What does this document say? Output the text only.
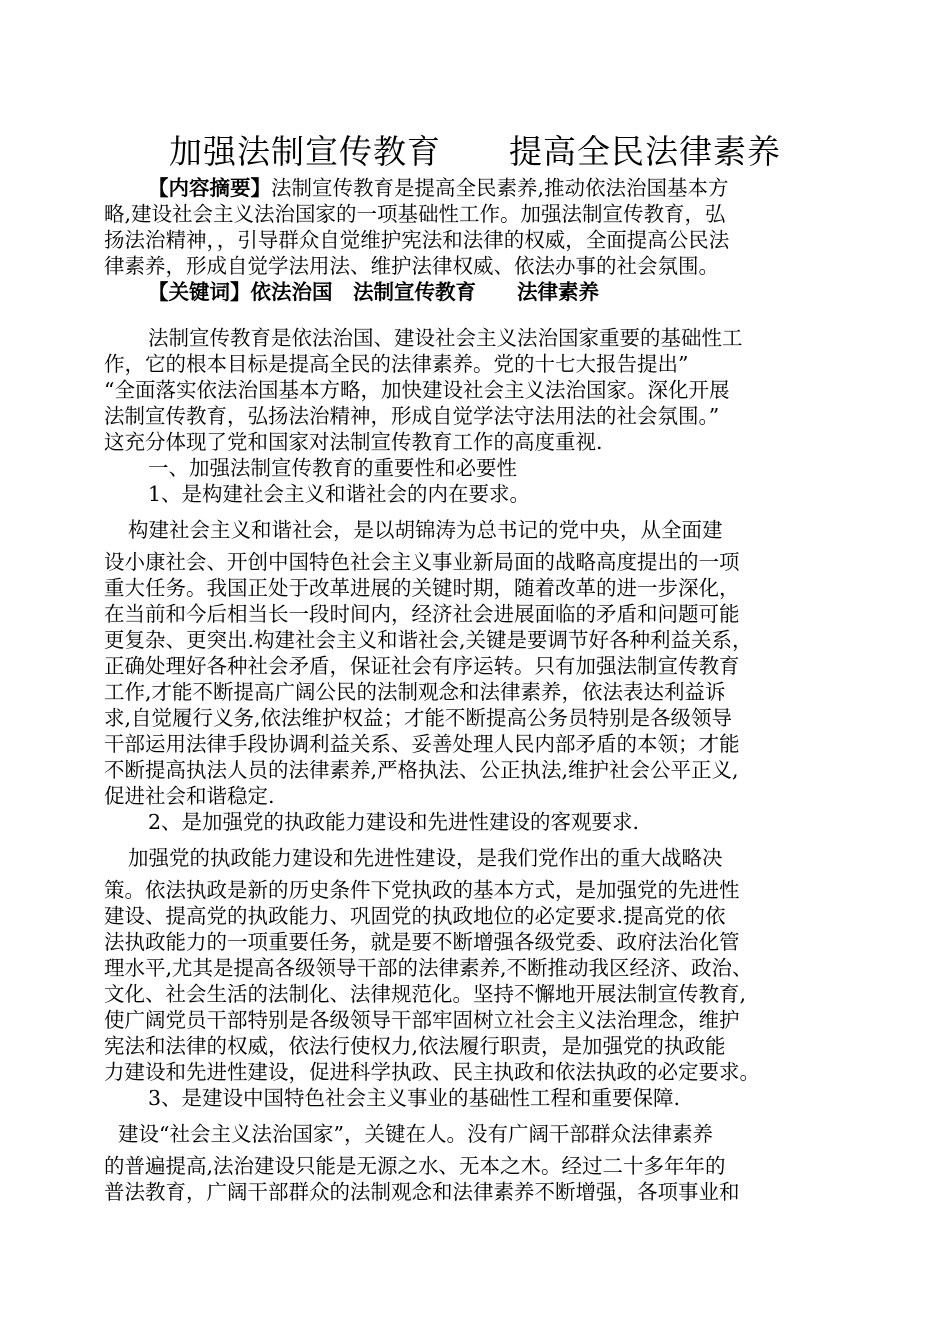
加强法制宣传教育　　提高全民法律素养
【内容摘要】法制宣传教育是提高全民素养,推动依法治国基本方
略,建设社会主义法治国家的一项基础性工作。加强法制宣传教育，弘
扬法治精神，，引导群众自觉维护宪法和法律的权威，全面提高公民法
律素养，形成自觉学法用法、维护法律权威、依法办事的社会氛围。
【关键词】依法治国　法制宣传教育　　法律素养
法制宣传教育是依法治国、建设社会主义法治国家重要的基础性工
作，它的根本目标是提高全民的法律素养。党的十七大报告提出”
“全面落实依法治国基本方略，加快建设社会主义法治国家。深化开展
法制宣传教育，弘扬法治精神，形成自觉学法守法用法的社会氛围。”
这充分体现了党和国家对法制宣传教育工作的高度重视.
一、加强法制宣传教育的重要性和必要性
1、是构建社会主义和谐社会的内在要求。
构建社会主义和谐社会，是以胡锦涛为总书记的党中央，从全面建
设小康社会、开创中国特色社会主义事业新局面的战略高度提出的一项
重大任务。我国正处于改革进展的关键时期，随着改革的进一步深化，
在当前和今后相当长一段时间内，经济社会进展面临的矛盾和问题可能
更复杂、更突出.构建社会主义和谐社会,关键是要调节好各种利益关系，
正确处理好各种社会矛盾，保证社会有序运转。只有加强法制宣传教育
工作,才能不断提高广阔公民的法制观念和法律素养，依法表达利益诉
求,自觉履行义务,依法维护权益；才能不断提高公务员特别是各级领导
干部运用法律手段协调利益关系、妥善处理人民内部矛盾的本领；才能
不断提高执法人员的法律素养,严格执法、公正执法,维护社会公平正义,
促进社会和谐稳定.
2、是加强党的执政能力建设和先进性建设的客观要求.
加强党的执政能力建设和先进性建设，是我们党作出的重大战略决
策。依法执政是新的历史条件下党执政的基本方式，是加强党的先进性
建设、提高党的执政能力、巩固党的执政地位的必定要求.提高党的依
法执政能力的一项重要任务，就是要不断增强各级党委、政府法治化管
理水平,尤其是提高各级领导干部的法律素养,不断推动我区经济、政治、
文化、社会生活的法制化、法律规范化。坚持不懈地开展法制宣传教育,
使广阔党员干部特别是各级领导干部牢固树立社会主义法治理念，维护
宪法和法律的权威，依法行使权力,依法履行职责，是加强党的执政能
力建设和先进性建设，促进科学执政、民主执政和依法执政的必定要求。
3、是建设中国特色社会主义事业的基础性工程和重要保障.
建设“社会主义法治国家”，关键在人。没有广阔干部群众法律素养
的普遍提高,法治建设只能是无源之水、无本之木。经过二十多年年的
普法教育，广阔干部群众的法制观念和法律素养不断增强，各项事业和
